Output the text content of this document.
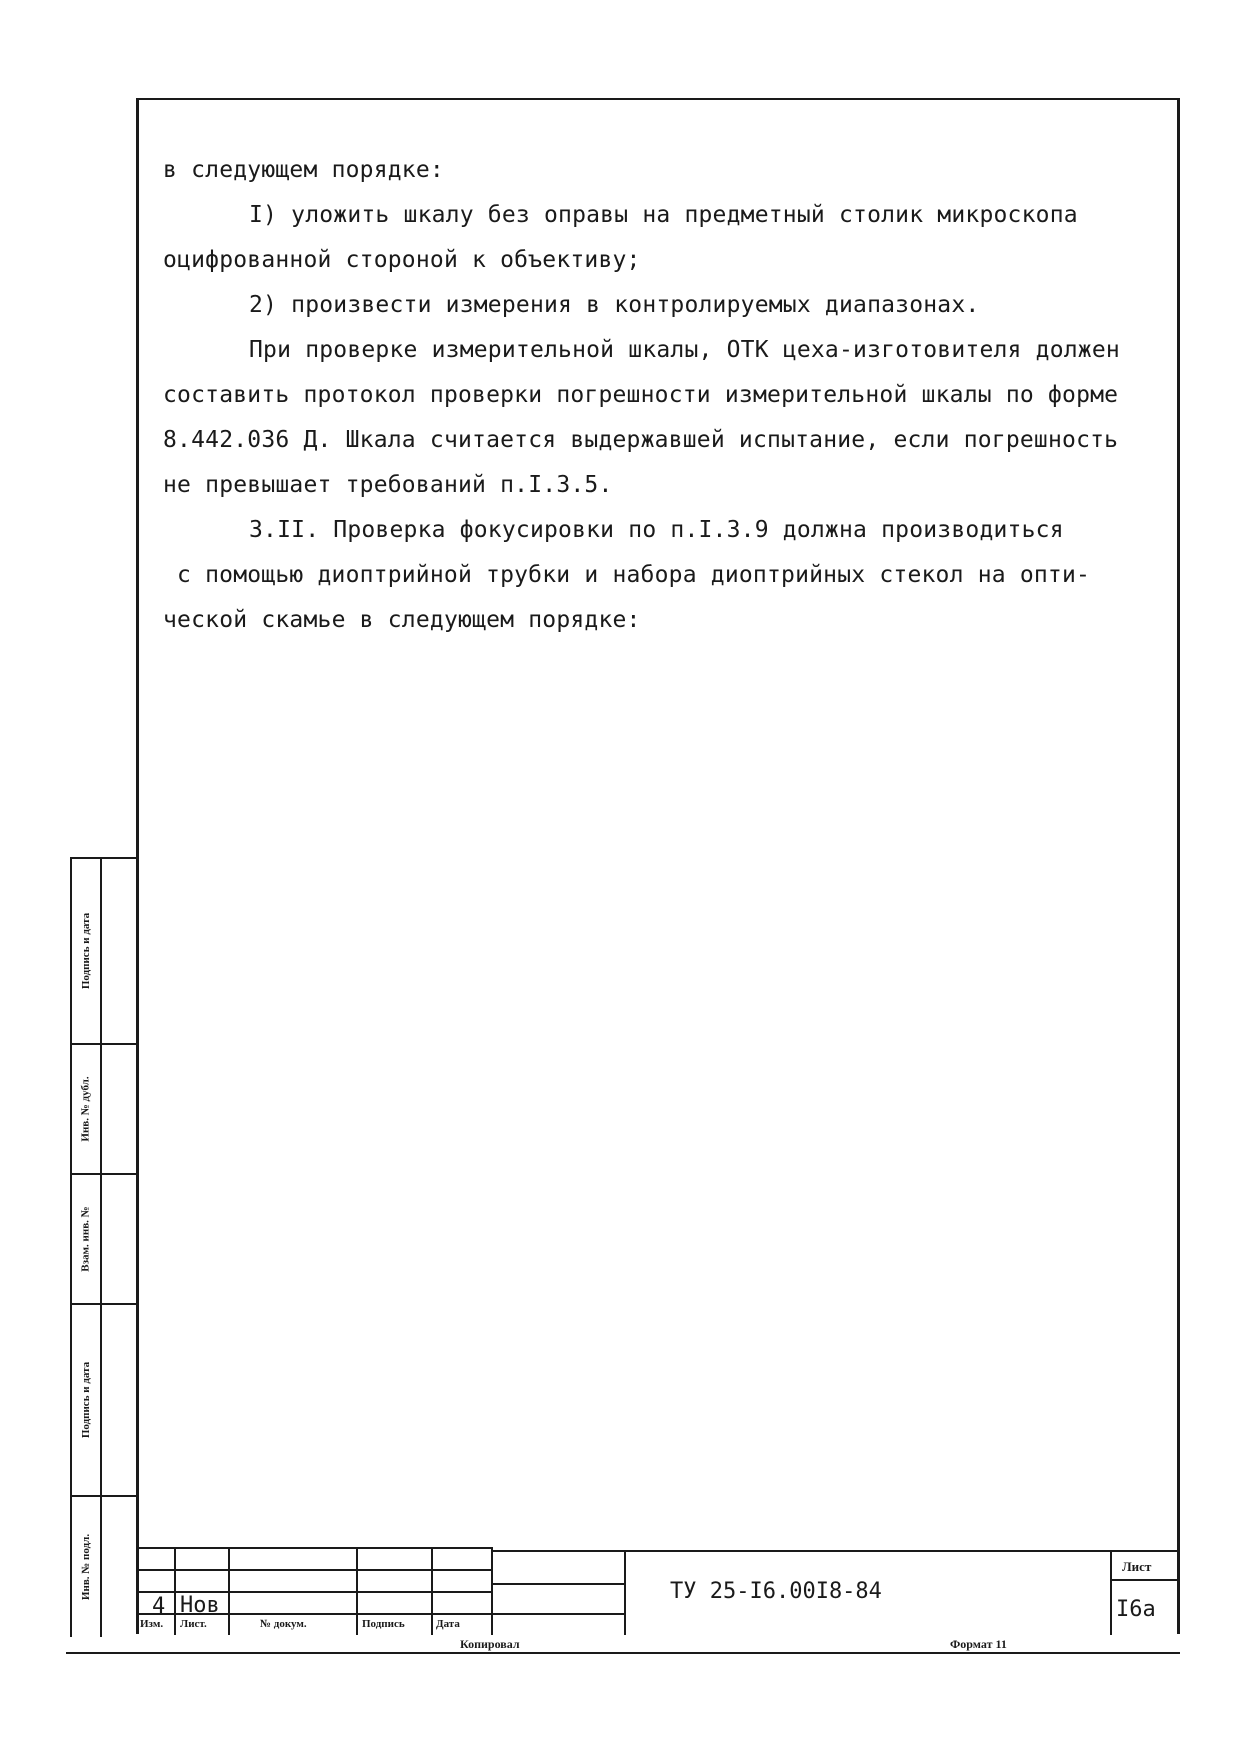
в следующем порядке:
I) уложить шкалу без оправы на предметный столик микроскопа
оцифрованной стороной к объективу;
2) произвести измерения в контролируемых диапазонах.
При проверке измерительной шкалы, ОТК цеха-изготовителя должен
составить протокол проверки погрешности измерительной шкалы по форме
8.442.036 Д. Шкала считается выдержавшей испытание, если погрешность
не превышает требований п.I.3.5.
3.II. Проверка фокусировки по п.I.3.9 должна производиться
с помощью диоптрийной трубки и набора диоптрийных стекол на опти-
ческой скамье в следующем порядке:
Подпись и дата
Инв. № дубл.
Взам. инв. №
Подпись и дата
Инв. № подл.
4 Нов
Изм. Лист.	№ докум.	Подпись	Дата
ТУ 25-I6.00I8-84
Лист
I6а
Копировал	Формат 11
